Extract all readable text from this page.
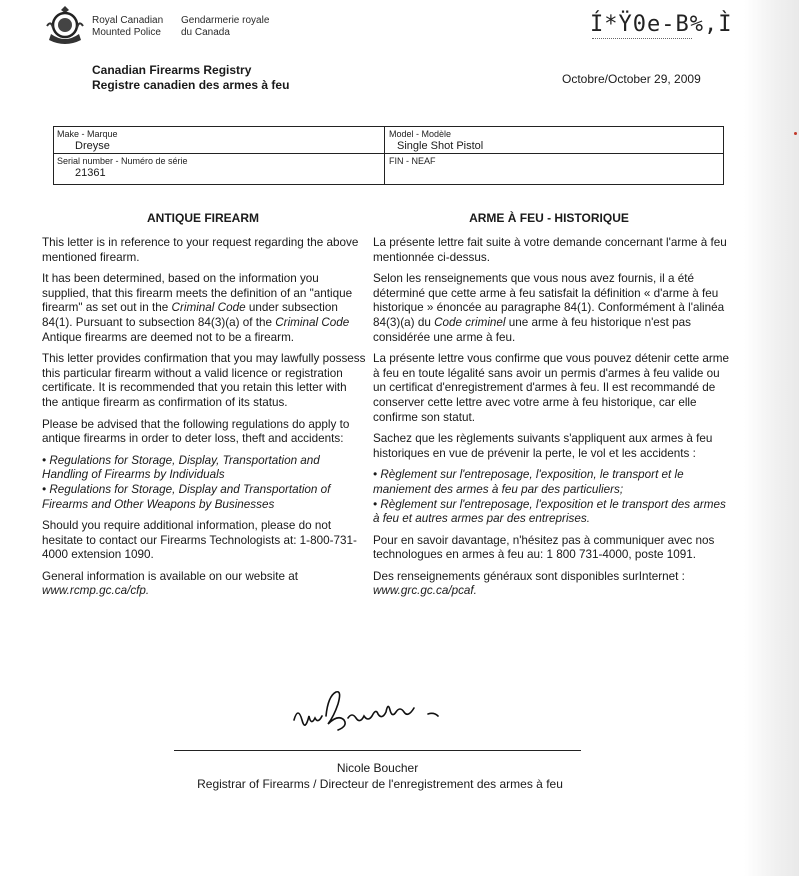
Royal Canadian
Mounted Police
Gendarmerie royale
du Canada	Í*Ÿ0e-B%,Ì
Canadian Firearms Registry
Registre canadien des armes à feu	Octobre/October 29, 2009
Make - Marque
Dreyse
Model - Modèle
Single Shot Pistol
Serial number - Numéro de série
21361
FIN - NEAF
ANTIQUE FIREARM	ARME À FEU - HISTORIQUE

This letter is in reference to your request regarding the above mentioned firearm.

It has been determined, based on the information you supplied, that this firearm meets the definition of an "antique firearm" as set out in the Criminal Code under subsection 84(1). Pursuant to subsection 84(3)(a) of the Criminal Code Antique firearms are deemed not to be a firearm.

This letter provides confirmation that you may lawfully possess this particular firearm without a valid licence or registration certificate. It is recommended that you retain this letter with the antique firearm as confirmation of its status.

Please be advised that the following regulations do apply to antique firearms in order to deter loss, theft and accidents:

• Regulations for Storage, Display, Transportation and Handling of Firearms by Individuals

• Regulations for Storage, Display and Transportation of Firearms and Other Weapons by Businesses

Should you require additional information, please do not hesitate to contact our Firearms Technologists at: 1-800-731-4000 extension 1090.

General information is available on our website at

www.rcmp.gc.ca/cfp.

La présente lettre fait suite à votre demande concernant l'arme à feu mentionnée ci-dessus.

Selon les renseignements que vous nous avez fournis, il a été déterminé que cette arme à feu satisfait la définition « d'arme à feu historique » énoncée au paragraphe 84(1). Conformément à l'alinéa 84(3)(a) du Code criminel une arme à feu historique n'est pas considérée une arme à feu.

La présente lettre vous confirme que vous pouvez détenir cette arme à feu en toute légalité sans avoir un permis d'armes à feu valide ou un certificat d'enregistrement d'armes à feu. Il est recommandé de conserver cette lettre avec votre arme à feu historique, car elle confirme son statut.

Sachez que les règlements suivants s'appliquent aux armes à feu historiques en vue de prévenir la perte, le vol et les accidents :

• Règlement sur l'entreposage, l'exposition, le transport et le maniement des armes à feu par des particuliers;

• Règlement sur l'entreposage, l'exposition et le transport des armes à feu et autres armes par des entreprises.

Pour en savoir davantage, n'hésitez pas à communiquer avec nos technologues en armes à feu au: 1 800 731-4000, poste 1091.

Des renseignements généraux sont disponibles surInternet :

www.grc.gc.ca/pcaf.

Nicole Boucher
Registrar of Firearms / Directeur de l'enregistrement des armes à feu
